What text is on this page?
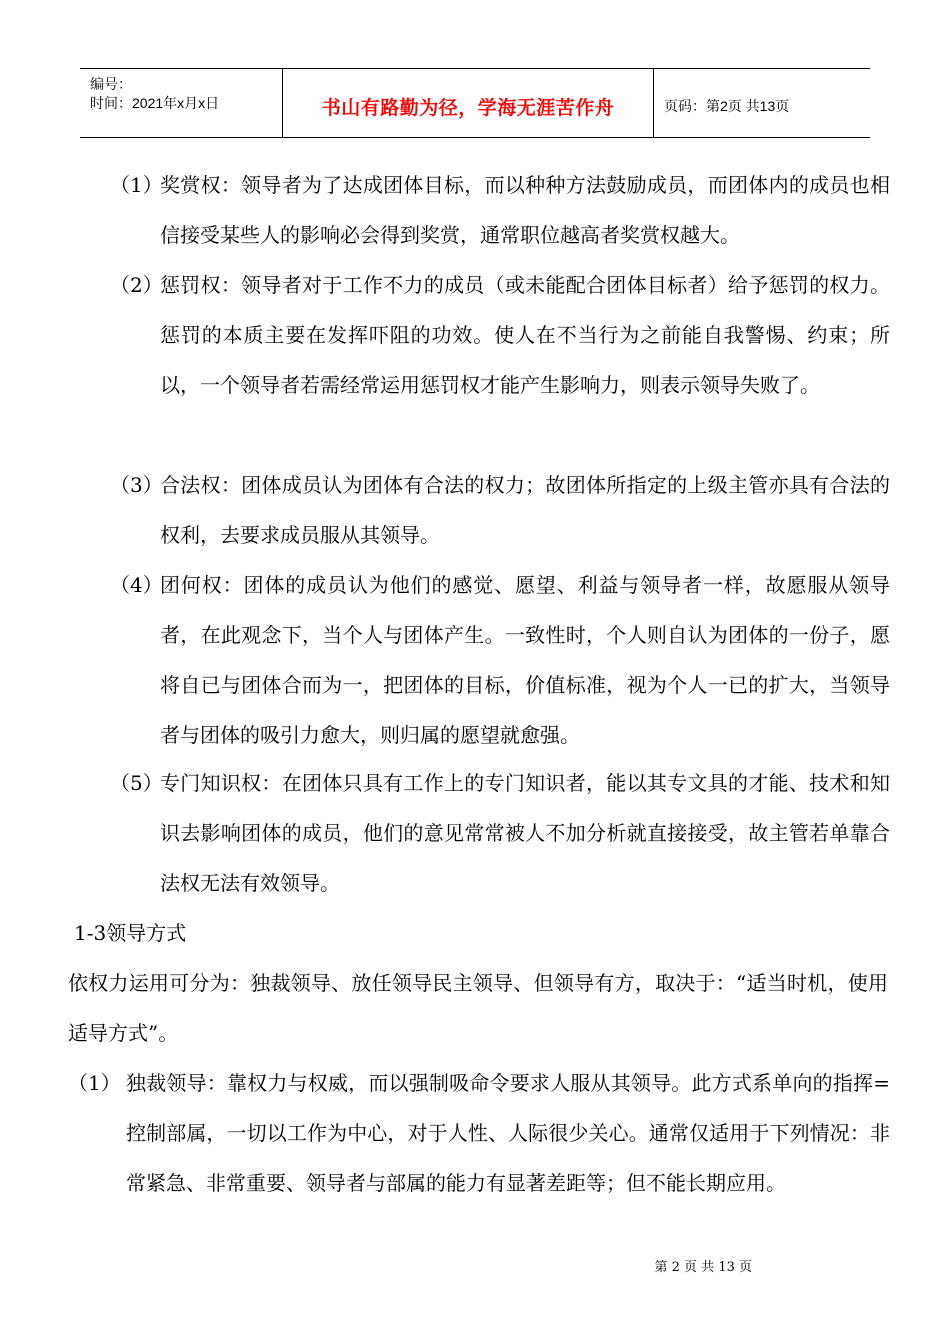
编号：
时间：2021年x月x日	书山有路勤为径，学海无涯苦作舟	页码：第2页 共13页
（1）
奖赏权：领导者为了达成团体目标，而以种种方法鼓励成员，而团体内的成员也相信接受某些人的影响必会得到奖赏，通常职位越高者奖赏权越大。
（2）
惩罚权：领导者对于工作不力的成员（或未能配合团体目标者）给予惩罚的权力。惩罚的本质主要在发挥吓阻的功效。使人在不当行为之前能自我警惕、约束；所以，一个领导者若需经常运用惩罚权才能产生影响力，则表示领导失败了。
（3）
合法权：团体成员认为团体有合法的权力；故团体所指定的上级主管亦具有合法的权利，去要求成员服从其领导。
（4）
团何权：团体的成员认为他们的感觉、愿望、利益与领导者一样，故愿服从领导者，在此观念下，当个人与团体产生。一致性时，个人则自认为团体的一份子，愿将自已与团体合而为一，把团体的目标，价值标准，视为个人一已的扩大，当领导者与团体的吸引力愈大，则归属的愿望就愈强。
（5）
专门知识权：在团体只具有工作上的专门知识者，能以其专文具的才能、技术和知识去影响团体的成员，他们的意见常常被人不加分析就直接接受，故主管若单靠合法权无法有效领导。
1-3领导方式
依权力运用可分为：独裁领导、放任领导民主领导、但领导有方，取决于：“适当时机，使用适导方式”。
（1） 独裁领导：靠权力与权威，而以强制吸命令要求人服从其领导。此方式系单向的指挥=控制部属，一切以工作为中心，对于人性、人际很少关心。通常仅适用于下列情况：非常紧急、非常重要、领导者与部属的能力有显著差距等；但不能长期应用。
第 2 页 共 13 页
